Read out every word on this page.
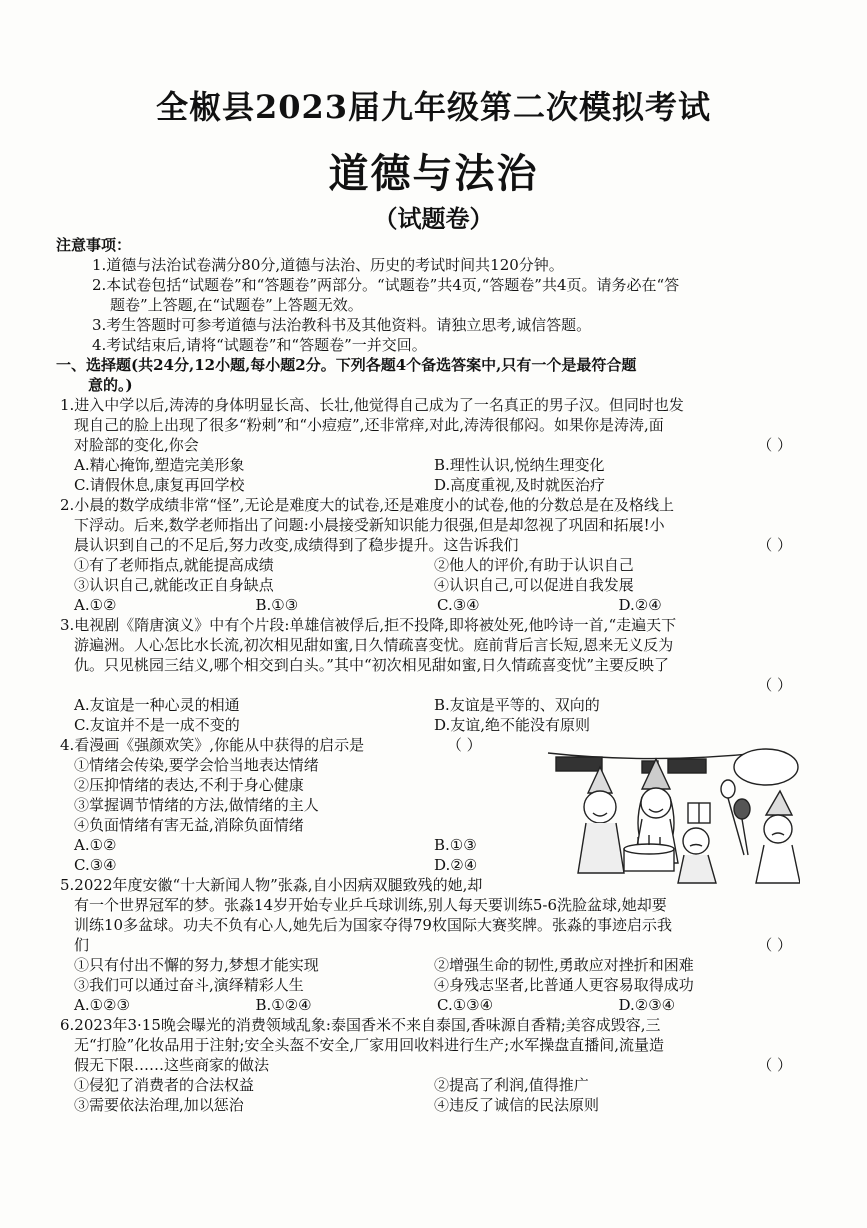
全椒县2023届九年级第二次模拟考试
道德与法治
（试题卷）
注意事项：
1.道德与法治试卷满分80分,道德与法治、历史的考试时间共120分钟。
2.本试卷包括“试题卷”和“答题卷”两部分。“试题卷”共4页,“答题卷”共4页。请务必在“答
题卷”上答题,在“试题卷”上答题无效。
3.考生答题时可参考道德与法治教科书及其他资料。请独立思考,诚信答题。
4.考试结束后,请将“试题卷”和“答题卷”一并交回。
一、选择题(共24分,12小题,每小题2分。下列各题4个备选答案中,只有一个是最符合题
意的。)
1.进入中学以后,涛涛的身体明显长高、长壮,他觉得自己成为了一名真正的男子汉。但同时也发
现自己的脸上出现了很多“粉刺”和“小痘痘”,还非常痒,对此,涛涛很郁闷。如果你是涛涛,面
对脸部的变化,你会	（ ）
A.精心掩饰,塑造完美形象	B.理性认识,悦纳生理变化
C.请假休息,康复再回学校	D.高度重视,及时就医治疗
2.小晨的数学成绩非常“怪”,无论是难度大的试卷,还是难度小的试卷,他的分数总是在及格线上
下浮动。后来,数学老师指出了问题:小晨接受新知识能力很强,但是却忽视了巩固和拓展!小
晨认识到自己的不足后,努力改变,成绩得到了稳步提升。这告诉我们	（ ）
①有了老师指点,就能提高成绩	②他人的评价,有助于认识自己
③认识自己,就能改正自身缺点	④认识自己,可以促进自我发展
A.①②	B.①③	C.③④	D.②④
3.电视剧《隋唐演义》中有个片段:单雄信被俘后,拒不投降,即将被处死,他吟诗一首,“走遍天下
游遍洲。人心怎比水长流,初次相见甜如蜜,日久情疏喜变忧。庭前背后言长短,恩来无义反为
仇。只见桃园三结义,哪个相交到白头。”其中“初次相见甜如蜜,日久情疏喜变忧”主要反映了
（ ）
A.友谊是一种心灵的相通	B.友谊是平等的、双向的
C.友谊并不是一成不变的	D.友谊,绝不能没有原则
4.看漫画《强颜欢笑》,你能从中获得的启示是	（ ）
①情绪会传染,要学会恰当地表达情绪
②压抑情绪的表达,不利于身心健康
③掌握调节情绪的方法,做情绪的主人
④负面情绪有害无益,消除负面情绪
A.①②	B.①③
C.③④	D.②④
5.2022年度安徽“十大新闻人物”张淼,自小因病双腿致残的她,却
有一个世界冠军的梦。张淼14岁开始专业乒乓球训练,别人每天要训练5-6洗脸盆球,她却要
训练10多盆球。功夫不负有心人,她先后为国家夺得79枚国际大赛奖牌。张淼的事迹启示我
们	（ ）
①只有付出不懈的努力,梦想才能实现	②增强生命的韧性,勇敢应对挫折和困难
③我们可以通过奋斗,演绎精彩人生	④身残志坚者,比普通人更容易取得成功
A.①②③	B.①②④	C.①③④	D.②③④
6.2023年3·15晚会曝光的消费领域乱象:泰国香米不来自泰国,香味源自香精;美容成毁容,三
无“打脸”化妆品用于注射;安全头盔不安全,厂家用回收料进行生产;水军操盘直播间,流量造
假无下限……这些商家的做法	（ ）
①侵犯了消费者的合法权益	②提高了利润,值得推广
③需要依法治理,加以惩治	④违反了诚信的民法原则
